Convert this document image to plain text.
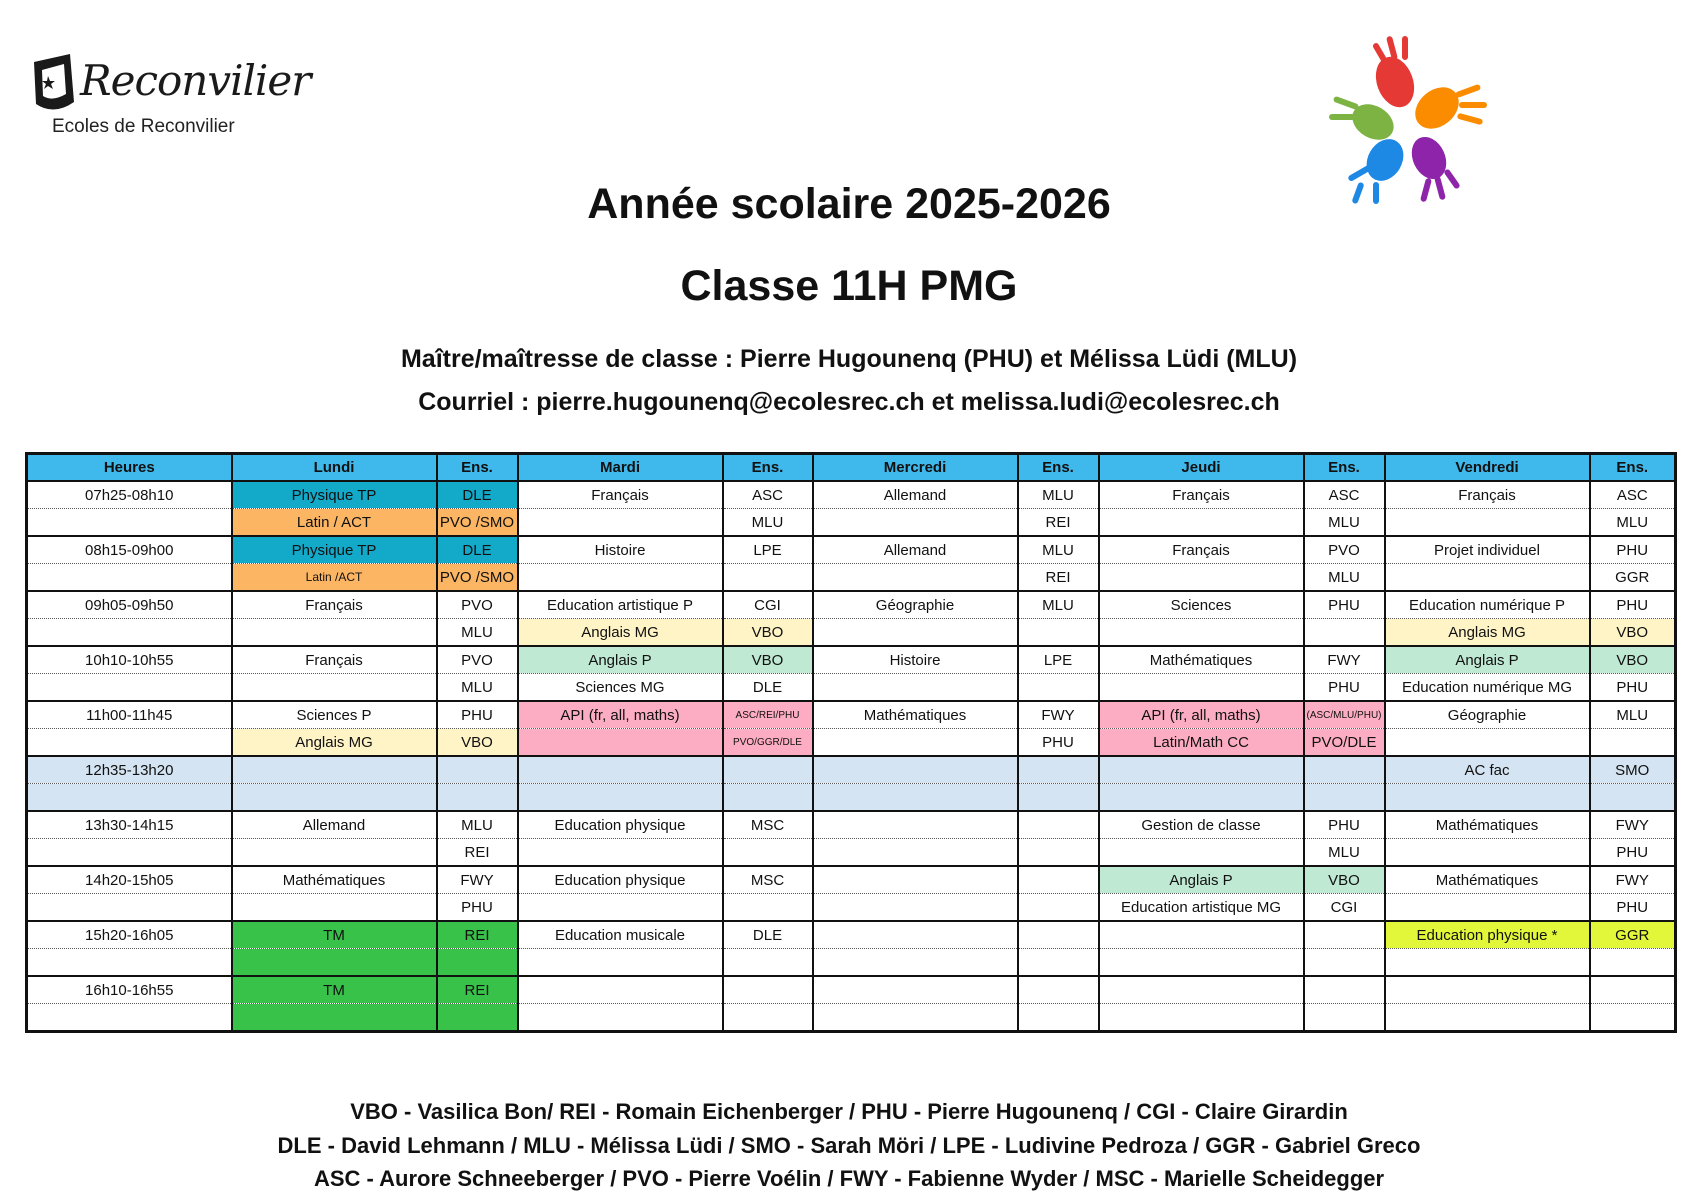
Reconvilier
Ecoles de Reconvilier
Année scolaire 2025-2026
Classe 11H PMG
Maître/maîtresse de classe : Pierre Hugounenq (PHU) et Mélissa Lüdi (MLU)
Courriel : pierre.hugounenq@ecolesrec.ch et melissa.ludi@ecolesrec.ch
Heures	Lundi	Ens.	Mardi	Ens.	Mercredi	Ens.	Jeudi	Ens.	Vendredi	Ens.
07h25-08h10	Physique TP	DLE	Français	ASC	Allemand	MLU	Français	ASC	Français	ASC
	Latin / ACT	PVO /SMO		MLU		REI		MLU		MLU
08h15-09h00	Physique TP	DLE	Histoire	LPE	Allemand	MLU	Français	PVO	Projet individuel	PHU
	Latin /ACT	PVO /SMO				REI		MLU		GGR
09h05-09h50	Français	PVO	Education artistique P	CGI	Géographie	MLU	Sciences	PHU	Education numérique P	PHU
		MLU	Anglais MG	VBO					Anglais MG	VBO
10h10-10h55	Français	PVO	Anglais P	VBO	Histoire	LPE	Mathématiques	FWY	Anglais P	VBO
		MLU	Sciences MG	DLE				PHU	Education numérique MG	PHU
11h00-11h45	Sciences P	PHU	API (fr, all, maths)	ASC/REI/PHU	Mathématiques	FWY	API (fr, all, maths)	(ASC/MLU/PHU)	Géographie	MLU
	Anglais MG	VBO		PVO/GGR/DLE		PHU	Latin/Math CC	PVO/DLE		
12h35-13h20									AC fac	SMO

13h30-14h15	Allemand	MLU	Education physique	MSC			Gestion de classe	PHU	Mathématiques	FWY
		REI						MLU		PHU
14h20-15h05	Mathématiques	FWY	Education physique	MSC			Anglais P	VBO	Mathématiques	FWY
		PHU					Education artistique MG	CGI		PHU
15h20-16h05	TM	REI	Education musicale	DLE					Education physique *	GGR

16h10-16h55	TM	REI								

VBO - Vasilica Bon/ REI - Romain Eichenberger / PHU - Pierre Hugounenq / CGI - Claire Girardin
DLE - David Lehmann / MLU - Mélissa Lüdi / SMO - Sarah Möri / LPE - Ludivine Pedroza / GGR - Gabriel Greco
ASC - Aurore Schneeberger / PVO - Pierre Voélin / FWY - Fabienne Wyder / MSC - Marielle Scheidegger
